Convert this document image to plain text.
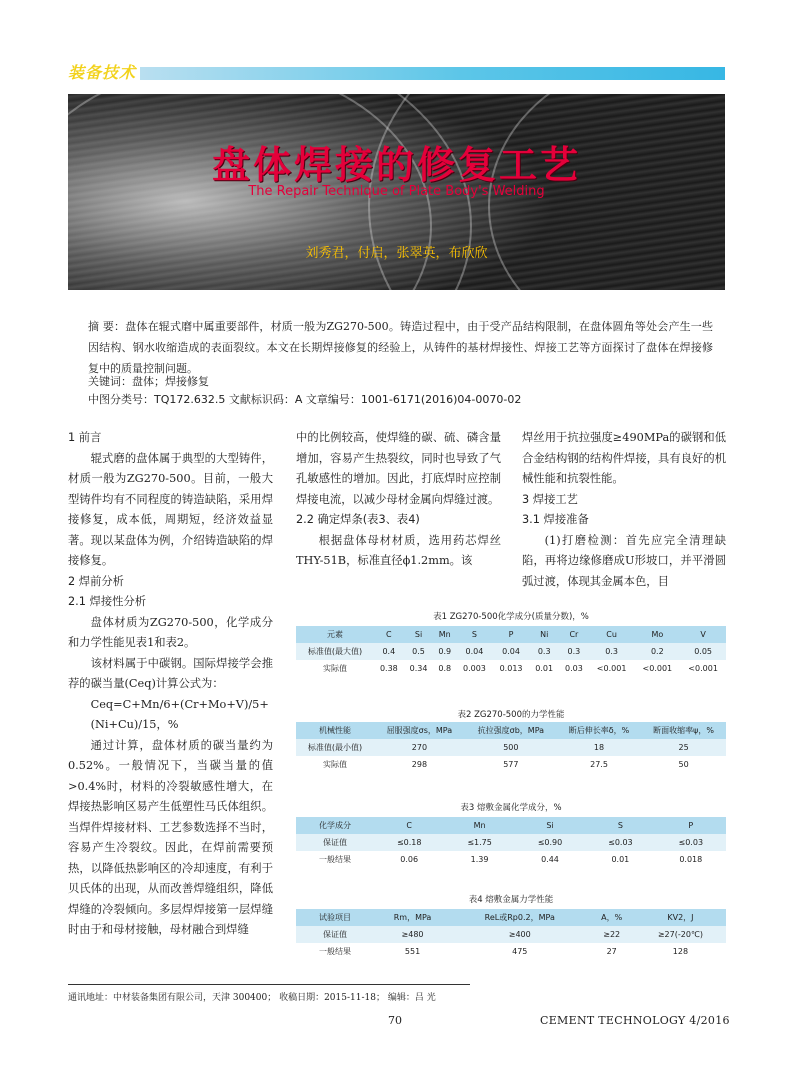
装备技术
盘体焊接的修复工艺
The Repair Technique of Plate Body's Welding
刘秀君，付启，张翠英，布欣欣

摘 要：盘体在辊式磨中属重要部件，材质一般为ZG270-500。铸造过程中，由于受产品结构限制，在盘体圆角等处会产生一些因结构、钢水收缩造成的表面裂纹。本文在长期焊接修复的经验上，从铸件的基材焊接性、焊接工艺等方面探讨了盘体在焊接修复中的质量控制问题。

关键词：盘体；焊接修复
中图分类号：TQ172.632.5 文献标识码：A 文章编号：1001-6171(2016)04-0070-02

1 前言

辊式磨的盘体属于典型的大型铸件，材质一般为ZG270-500。目前，一般大型铸件均有不同程度的铸造缺陷，采用焊接修复，成本低，周期短，经济效益显著。现以某盘体为例，介绍铸造缺陷的焊接修复。

2 焊前分析

2.1 焊接性分析

盘体材质为ZG270-500，化学成分和力学性能见表1和表2。

该材料属于中碳钢。国际焊接学会推荐的碳当量(Ceq)计算公式为：

Ceq=C+Mn/6+(Cr+Mo+V)/5+(Ni+Cu)/15，%

通过计算，盘体材质的碳当量约为0.52%。一般情况下，当碳当量的值>0.4%时，材料的冷裂敏感性增大，在焊接热影响区易产生低塑性马氏体组织。当焊件焊接材料、工艺参数选择不当时，容易产生冷裂纹。因此，在焊前需要预热，以降低热影响区的冷却速度，有利于贝氏体的出现，从而改善焊缝组织，降低焊缝的冷裂倾向。多层焊焊接第一层焊缝时由于和母材接触，母材融合到焊缝

中的比例较高，使焊缝的碳、硫、磷含量增加，容易产生热裂纹，同时也导致了气孔敏感性的增加。因此，打底焊时应控制焊接电流，以减少母材金属向焊缝过渡。

2.2 确定焊条(表3、表4)

根据盘体母材材质，选用药芯焊丝THY-51B，标准直径ϕ1.2mm。该

焊丝用于抗拉强度≥490MPa的碳钢和低合金结构钢的结构件焊接，具有良好的机械性能和抗裂性能。

3 焊接工艺

3.1 焊接准备

(1)打磨检测：首先应完全清理缺陷，再将边缘修磨成U形坡口，并平滑圆弧过渡，体现其金属本色，目

表1 ZG270-500化学成分(质量分数)，%
元素	C	Si	Mn	S	P	Ni	Cr	Cu	Mo	V
标准值(最大值)	0.4	0.5	0.9	0.04	0.04	0.3	0.3	0.3	0.2	0.05
实际值	0.38	0.34	0.8	0.003	0.013	0.01	0.03	<0.001	<0.001	<0.001
表2 ZG270-500的力学性能
机械性能	屈服强度σs，MPa	抗拉强度σb，MPa	断后伸长率δ，%	断面收缩率ψ，%
标准值(最小值)	270	500	18	25
实际值	298	577	27.5	50
表3 熔敷金属化学成分，%
化学成分	C	Mn	Si	S	P
保证值	≤0.18	≤1.75	≤0.90	≤0.03	≤0.03
一般结果	0.06	1.39	0.44	0.01	0.018
表4 熔敷金属力学性能
试验项目	Rm，MPa	ReL或Rp0.2，MPa	A，%	KV2，J
保证值	≥480	≥400	≥22	≥27(-20℃)
一般结果	551	475	27	128
通讯地址：中材装备集团有限公司，天津 300400； 收稿日期：2015-11-18； 编辑：吕 光
70	CEMENT TECHNOLOGY 4/2016
